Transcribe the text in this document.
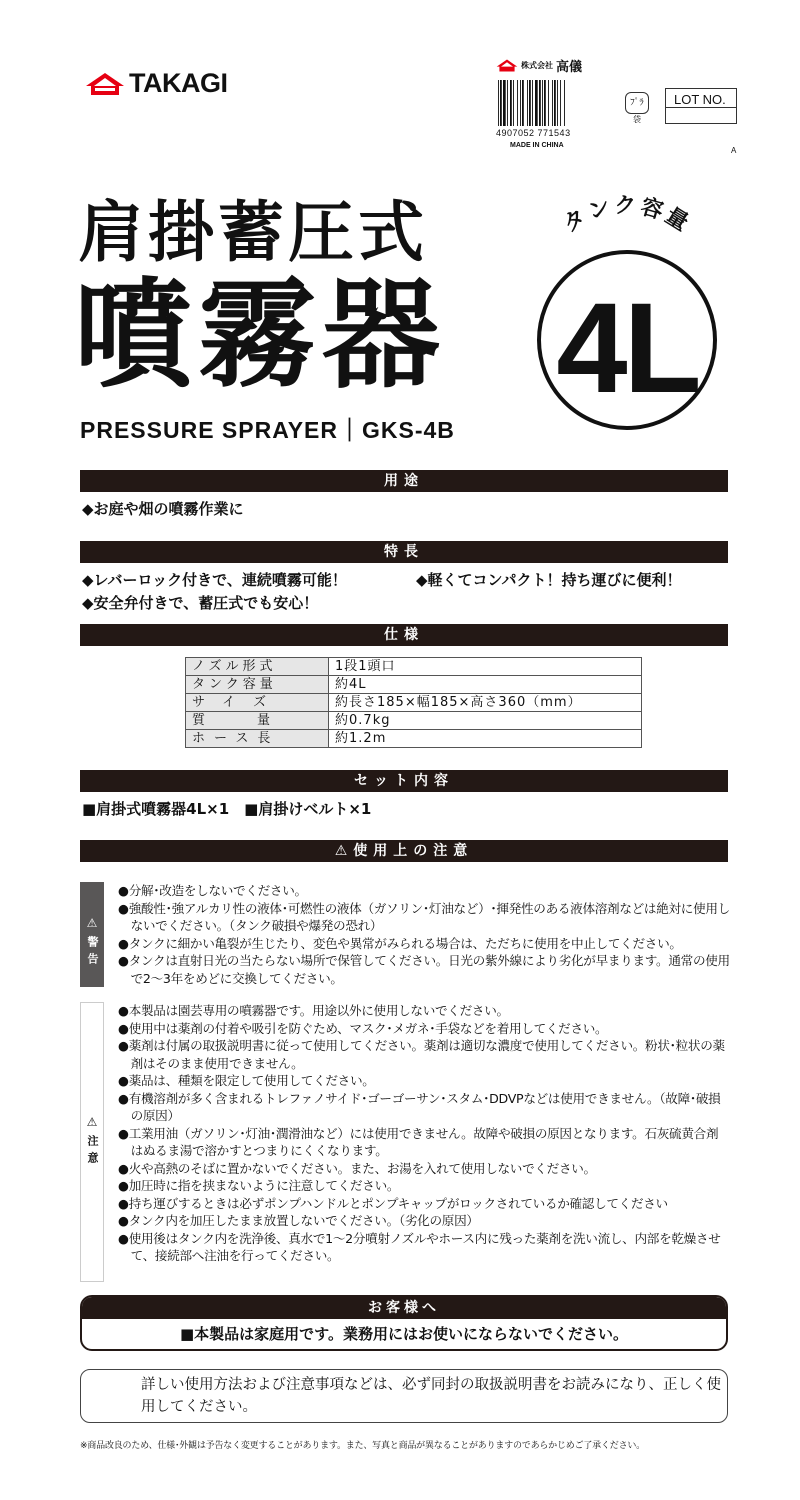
TAKAGI
株式会社 高儀
4907052 771543
MADE IN CHINA
ﾌﾟﾗ
袋
LOT NO.
A
肩掛蓄圧式
噴霧器
PRESSURE SPRAYER｜GKS-4B
タンク容量
4L
用途
◆お庭や畑の噴霧作業に
特長
◆レバーロック付きで、連続噴霧可能！	◆軽くてコンパクト！持ち運びに便利！
◆安全弁付きで、蓄圧式でも安心！
仕様
ノズル形式	1段1頭口
タンク容量	約4L
サイズ	約長さ185×幅185×高さ360（mm）
質量	約0.7kg
ホース長	約1.2m
セット内容
■肩掛式噴霧器4L×1　■肩掛けベルト×1
⚠使用上の注意
⚠
警告
●分解･改造をしないでください。
●強酸性･強アルカリ性の液体･可燃性の液体（ガソリン･灯油など）･揮発性のある液体溶剤などは絶対に使用しないでください。（タンク破損や爆発の恐れ）
●タンクに細かい亀裂が生じたり、変色や異常がみられる場合は、ただちに使用を中止してください。
●タンクは直射日光の当たらない場所で保管してください。日光の紫外線により劣化が早まります。通常の使用で2～3年をめどに交換してください。
⚠
注意
●本製品は園芸専用の噴霧器です。用途以外に使用しないでください。
●使用中は薬剤の付着や吸引を防ぐため、マスク･メガネ･手袋などを着用してください。
●薬剤は付属の取扱説明書に従って使用してください。薬剤は適切な濃度で使用してください。粉状･粒状の薬剤はそのまま使用できません。
●薬品は、種類を限定して使用してください。
●有機溶剤が多く含まれるトレファノサイド･ゴーゴーサン･スタム･DDVPなどは使用できません。（故障･破損の原因）
●工業用油（ガソリン･灯油･潤滑油など）には使用できません。故障や破損の原因となります。石灰硫黄合剤はぬるま湯で溶かすとつまりにくくなります。
●火や高熱のそばに置かないでください。また、お湯を入れて使用しないでください。
●加圧時に指を挟まないように注意してください。
●持ち運びするときは必ずポンプハンドルとポンプキャップがロックされているか確認してください
●タンク内を加圧したまま放置しないでください。（劣化の原因）
●使用後はタンク内を洗浄後、真水で1～2分噴射ノズルやホース内に残った薬剤を洗い流し、内部を乾燥させて、接続部へ注油を行ってください。
お客様へ
■本製品は家庭用です。業務用にはお使いにならないでください。
詳しい使用方法および注意事項などは、必ず同封の取扱説明書をお読みになり、正しく使用してください。
※商品改良のため、仕様･外観は予告なく変更することがあります。また、写真と商品が異なることがありますのであらかじめご了承ください。
